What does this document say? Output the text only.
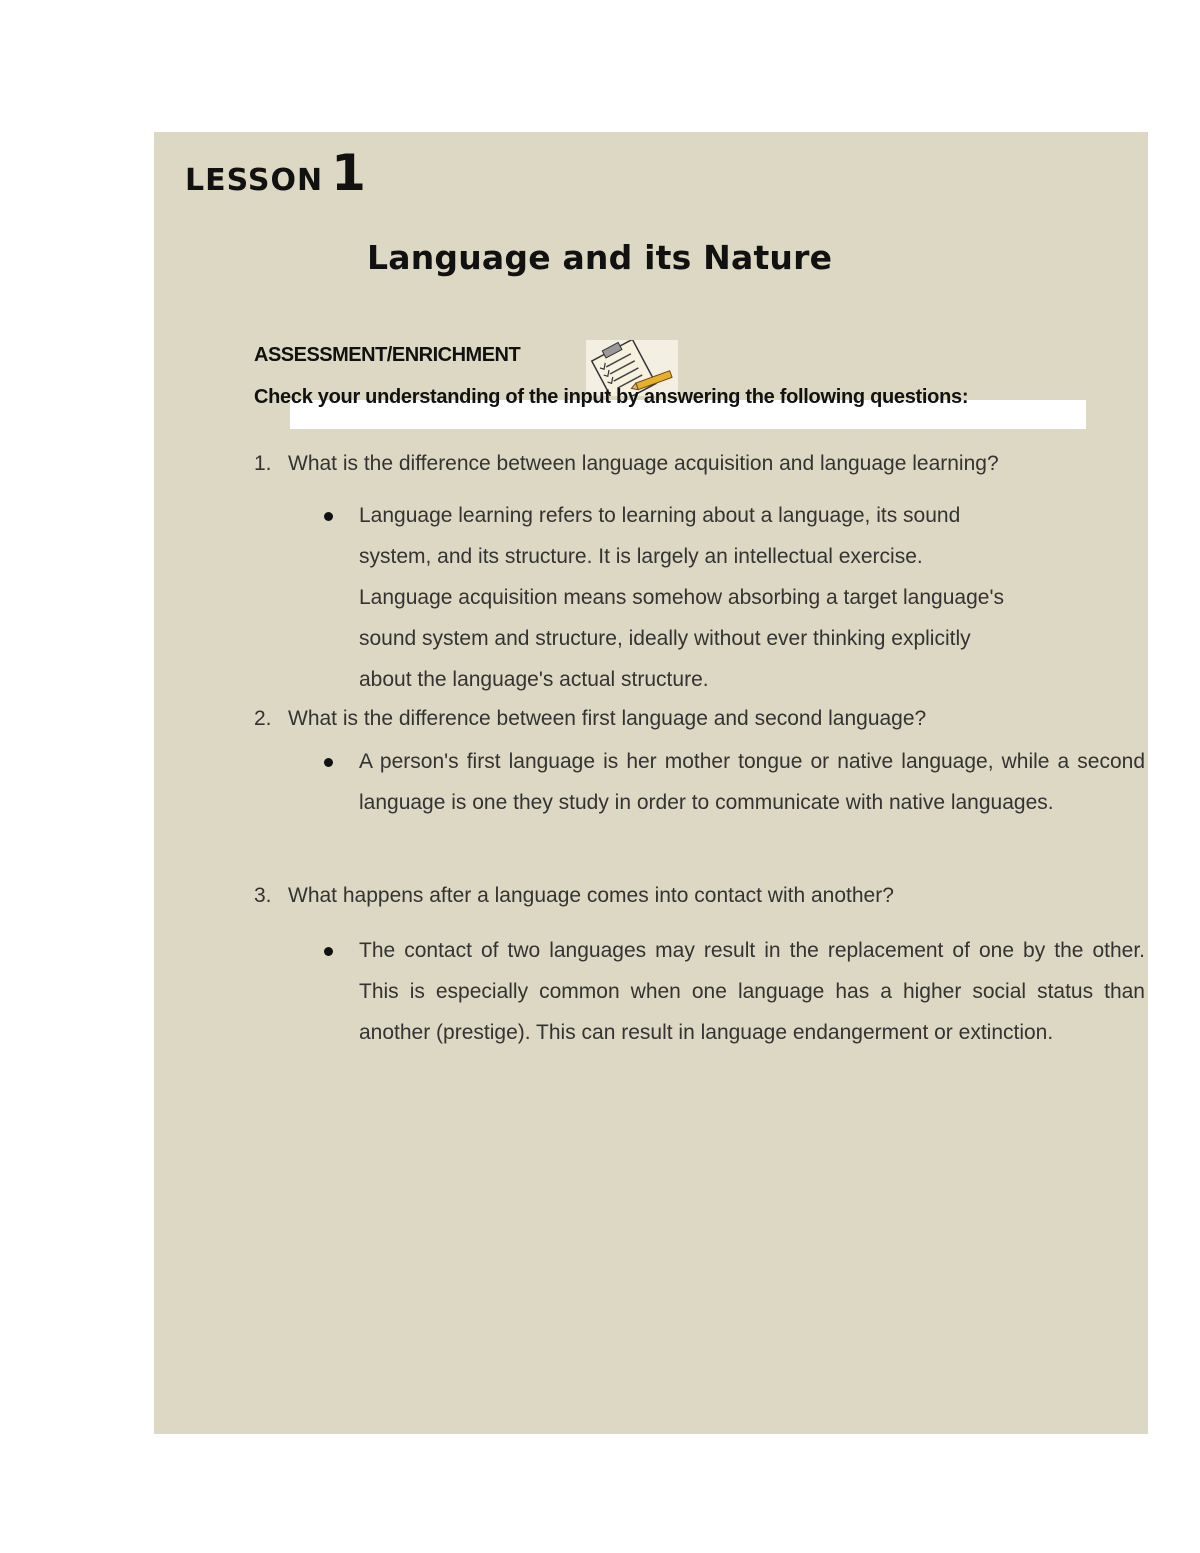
LESSON 1
Language and its Nature
ASSESSMENT/ENRICHMENT
Check your understanding of the input by answering the following questions:
1. What is the difference between language acquisition and language learning?
Language learning refers to learning about a language, its sound
system, and its structure. It is largely an intellectual exercise.
Language acquisition means somehow absorbing a target language's
sound system and structure, ideally without ever thinking explicitly
about the language's actual structure.
2. What is the difference between first language and second language?
A person's first language is her mother tongue or native language, while a second language is one they study in order to communicate with native languages.
3. What happens after a language comes into contact with another?
The contact of two languages may result in the replacement of one by the other. This is especially common when one language has a higher social status than another (prestige). This can result in language endangerment or extinction.
